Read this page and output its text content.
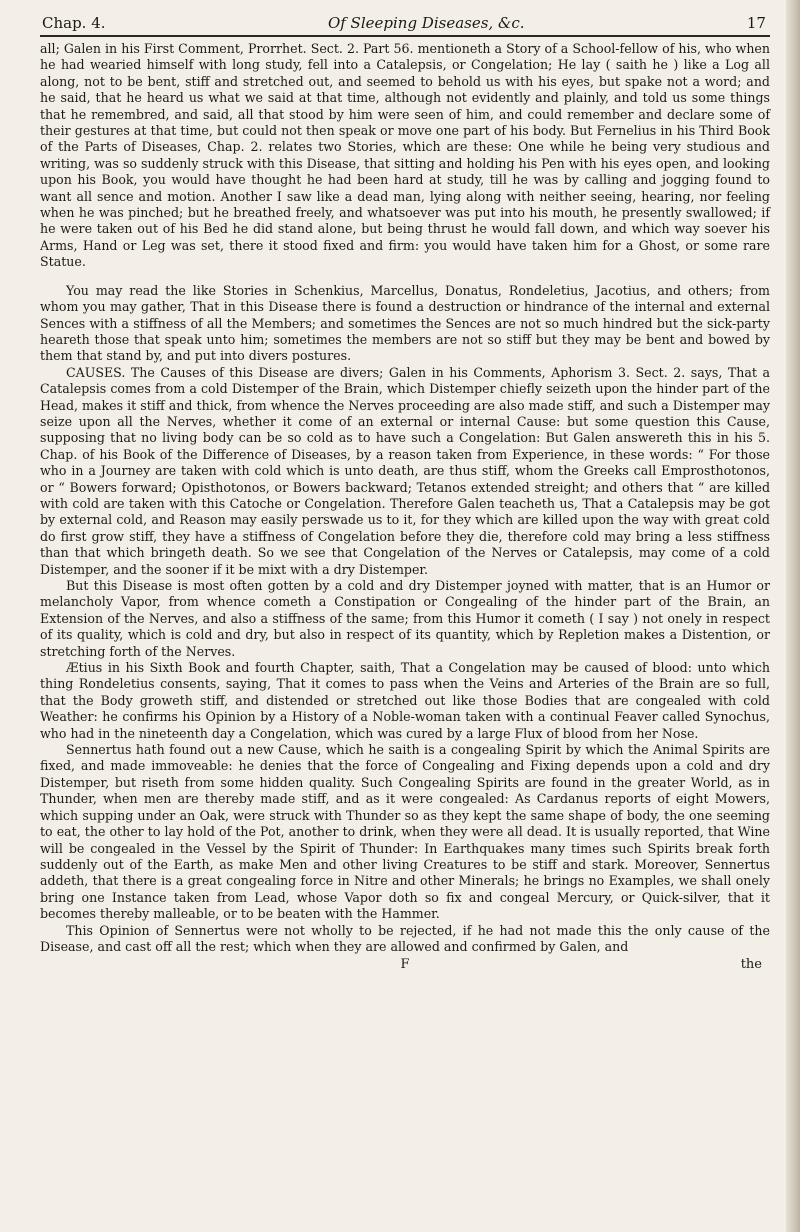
Chap. 4.	Of Sleeping Diseases, &c.	17

all; Galen in his First Comment, Prorrhet. Sect. 2. Part 56. mentioneth a Story of a School-fellow of his, who when he had wearied himself with long study, fell into a Catalepsis, or Congelation; He lay ( saith he ) like a Log all along, not to be bent, stiff and stretched out, and seemed to behold us with his eyes, but spake not a word; and he said, that he heard us what we said at that time, although not evidently and plainly, and told us some things that he remembred, and said, all that stood by him were seen of him, and could remember and declare some of their gestures at that time, but could not then speak or move one part of his body. But Fernelius in his Third Book of the Parts of Diseases, Chap. 2. relates two Stories, which are these: One while he being very studious and writing, was so suddenly struck with this Disease, that sitting and holding his Pen with his eyes open, and looking upon his Book, you would have thought he had been hard at study, till he was by calling and jogging found to want all sence and motion. Another I saw like a dead man, lying along with neither seeing, hearing, nor feeling when he was pinched; but he breathed freely, and whatsoever was put into his mouth, he presently swallowed; if he were taken out of his Bed he did stand alone, but being thrust he would fall down, and which way soever his Arms, Hand or Leg was set, there it stood fixed and firm: you would have taken him for a Ghost, or some rare Statue.

You may read the like Stories in Schenkius, Marcellus, Donatus, Rondeletius, Jacotius, and others; from whom you may gather, That in this Disease there is found a destruction or hindrance of the internal and external Sences with a stiffness of all the Members; and sometimes the Sences are not so much hindred but the sick-party heareth those that speak unto him; sometimes the members are not so stiff but they may be bent and bowed by them that stand by, and put into divers postures.

CAUSES. The Causes of this Disease are divers; Galen in his Comments, Aphorism 3. Sect. 2. says, That a Catalepsis comes from a cold Distemper of the Brain, which Distemper chiefly seizeth upon the hinder part of the Head, makes it stiff and thick, from whence the Nerves proceeding are also made stiff, and such a Distemper may seize upon all the Nerves, whether it come of an external or internal Cause: but some question this Cause, supposing that no living body can be so cold as to have such a Congelation: But Galen answereth this in his 5. Chap. of his Book of the Difference of Diseases, by a reason taken from Experience, in these words: “ For those who in a Journey are taken with cold which is unto death, are thus stiff, whom the Greeks call Emprosthotonos, or “ Bowers forward; Opisthotonos, or Bowers backward; Tetanos extended streight; and others that “ are killed with cold are taken with this Catoche or Congelation. Therefore Galen teacheth us, That a Catalepsis may be got by external cold, and Reason may easily perswade us to it, for they which are killed upon the way with great cold do first grow stiff, they have a stiffness of Congelation before they die, therefore cold may bring a less stiffness than that which bringeth death. So we see that Congelation of the Nerves or Catalepsis, may come of a cold Distemper, and the sooner if it be mixt with a dry Distemper.

But this Disease is most often gotten by a cold and dry Distemper joyned with matter, that is an Humor or melancholy Vapor, from whence cometh a Constipation or Congealing of the hinder part of the Brain, an Extension of the Nerves, and also a stiffness of the same; from this Humor it cometh ( I say ) not onely in respect of its quality, which is cold and dry, but also in respect of its quantity, which by Repletion makes a Distention, or stretching forth of the Nerves.

Ætius in his Sixth Book and fourth Chapter, saith, That a Congelation may be caused of blood: unto which thing Rondeletius consents, saying, That it comes to pass when the Veins and Arteries of the Brain are so full, that the Body groweth stiff, and distended or stretched out like those Bodies that are congealed with cold Weather: he confirms his Opinion by a History of a Noble-woman taken with a continual Feaver called Synochus, who had in the nineteenth day a Congelation, which was cured by a large Flux of blood from her Nose.

Sennertus hath found out a new Cause, which he saith is a congealing Spirit by which the Animal Spirits are fixed, and made immoveable: he denies that the force of Congealing and Fixing depends upon a cold and dry Distemper, but riseth from some hidden quality. Such Congealing Spirits are found in the greater World, as in Thunder, when men are thereby made stiff, and as it were congealed: As Cardanus reports of eight Mowers, which supping under an Oak, were struck with Thunder so as they kept the same shape of body, the one seeming to eat, the other to lay hold of the Pot, another to drink, when they were all dead. It is usually reported, that Wine will be congealed in the Vessel by the Spirit of Thunder: In Earthquakes many times such Spirits break forth suddenly out of the Earth, as make Men and other living Creatures to be stiff and stark. Moreover, Sennertus addeth, that there is a great congealing force in Nitre and other Minerals; he brings no Examples, we shall onely bring one Instance taken from Lead, whose Vapor doth so fix and congeal Mercury, or Quick-silver, that it becomes thereby malleable, or to be beaten with the Hammer.

This Opinion of Sennertus were not wholly to be rejected, if he had not made this the only cause of the Disease, and cast off all the rest; which when they are allowed and confirmed by Galen, and

F	the
